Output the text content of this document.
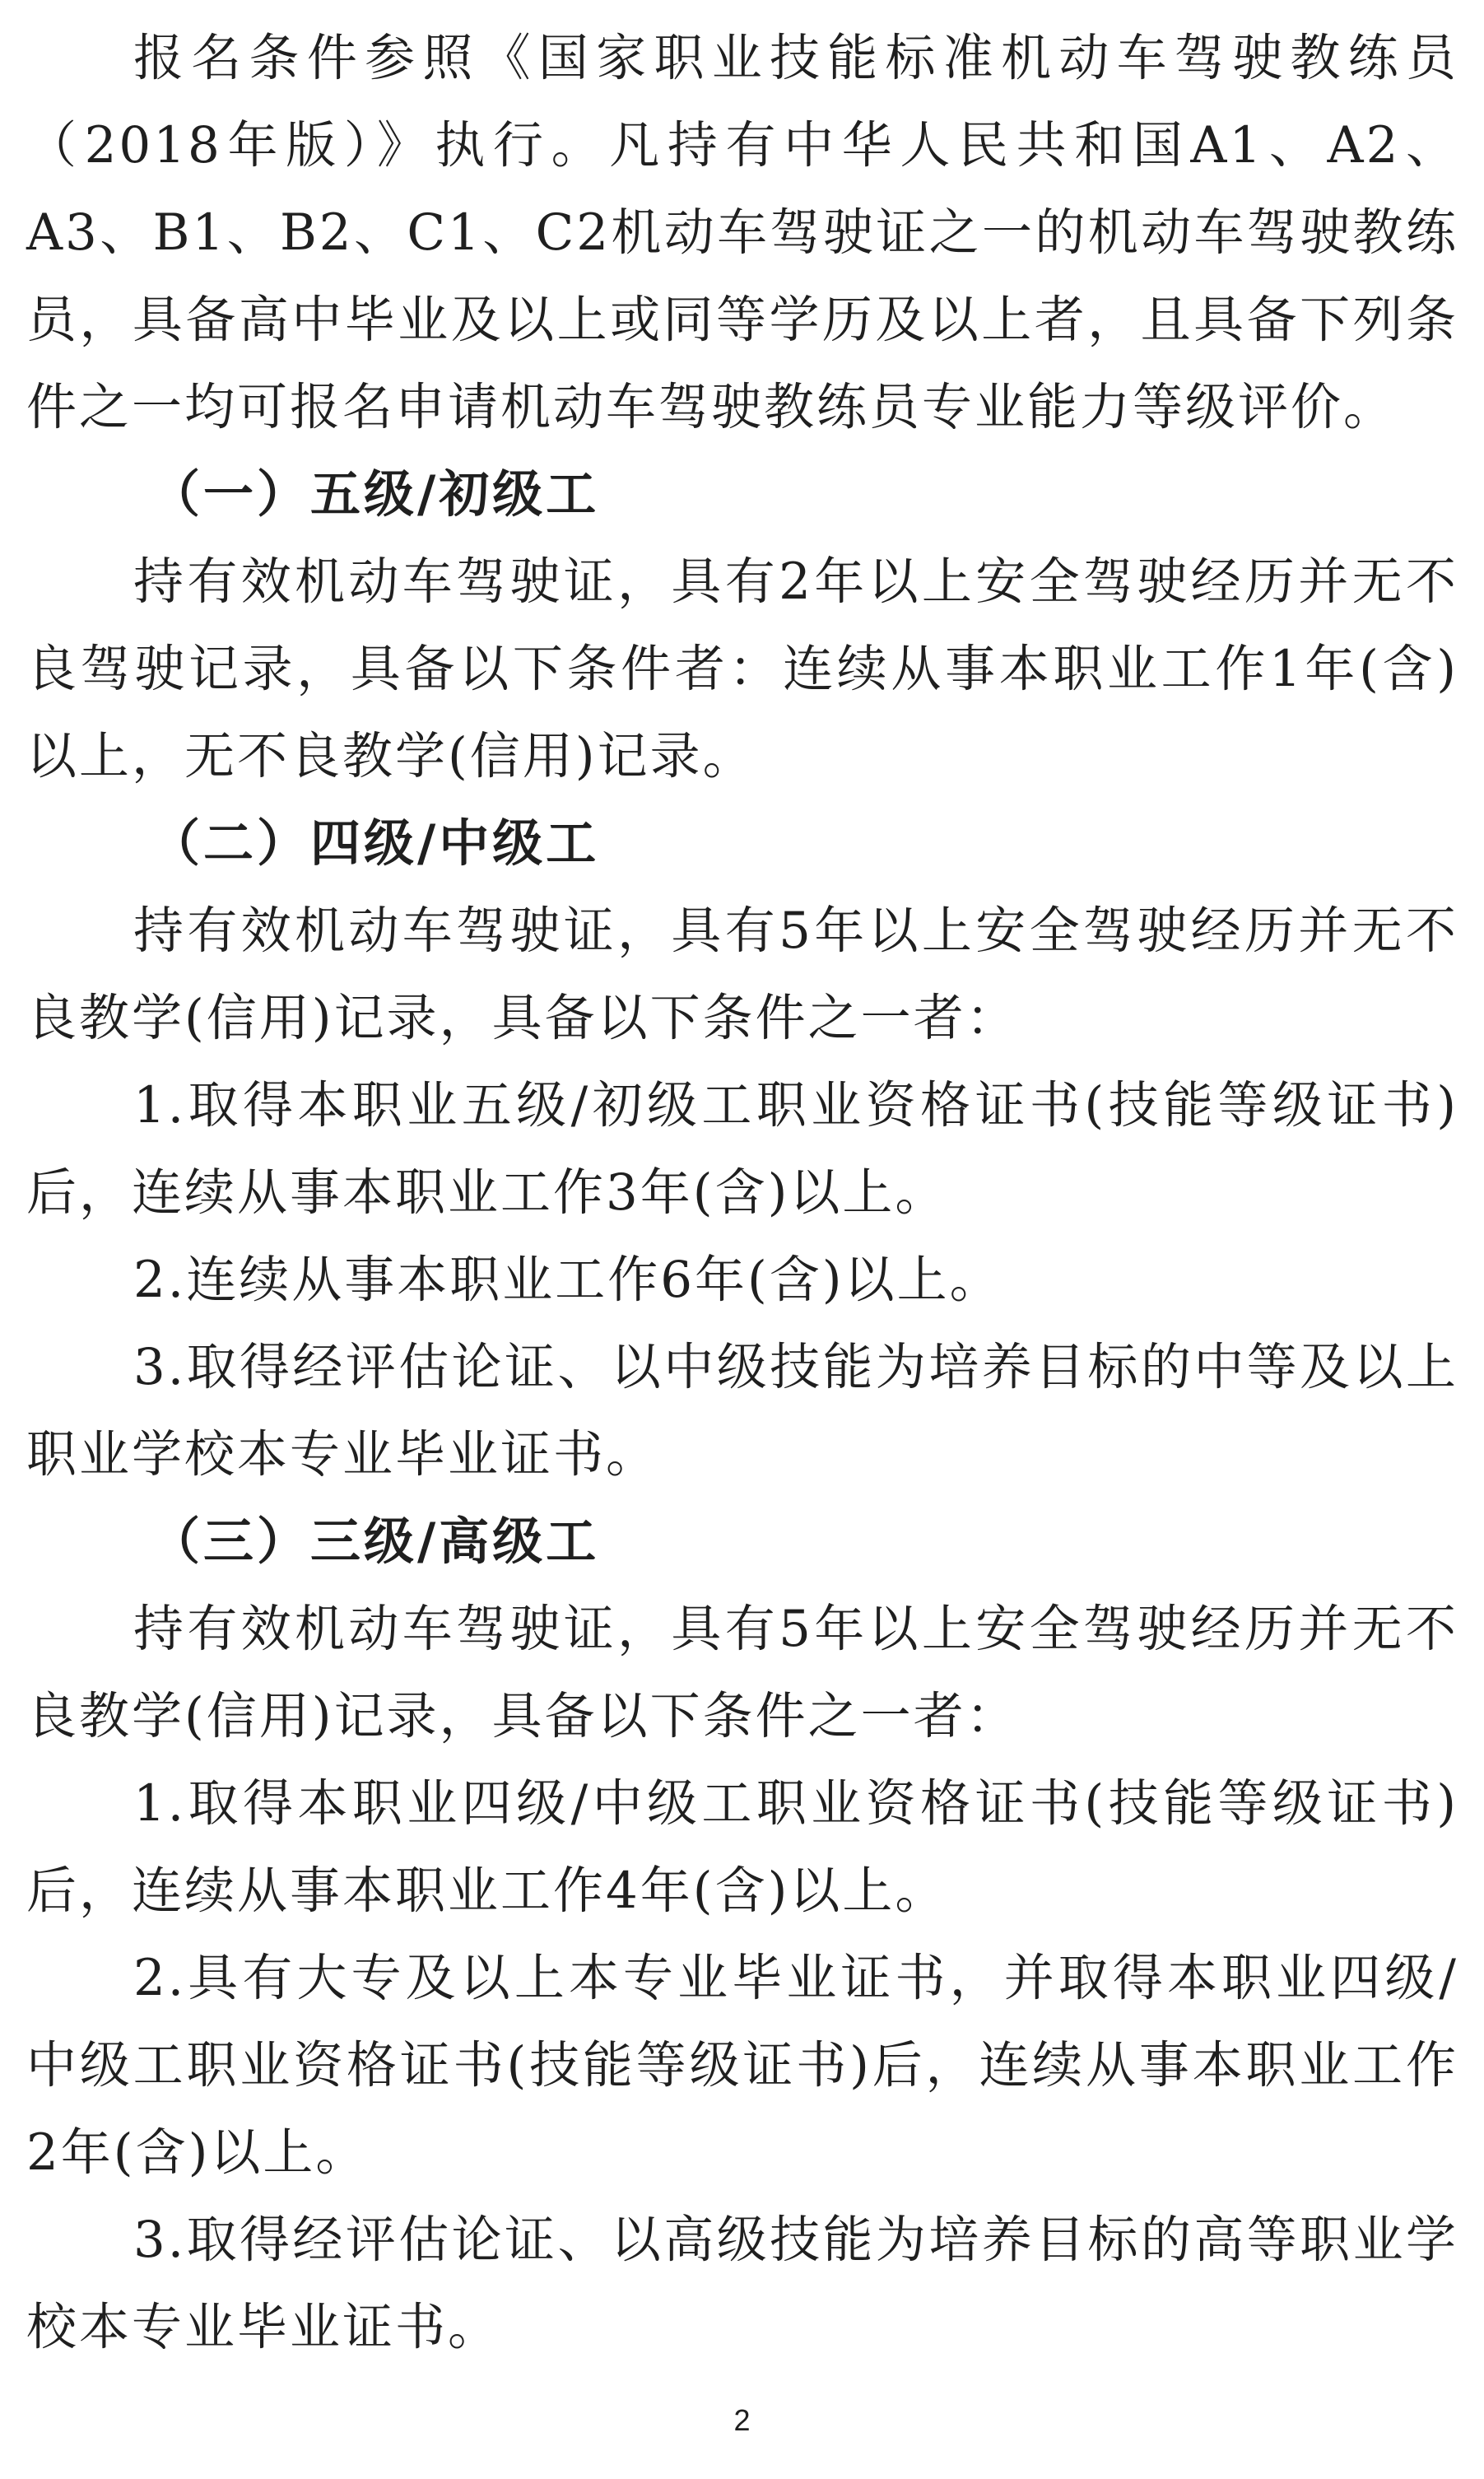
报名条件参照《国家职业技能标准机动车驾驶教练员（2018年版）》执行。凡持有中华人民共和国A1、A2、A3、B1、B2、C1、C2机动车驾驶证之一的机动车驾驶教练员，具备高中毕业及以上或同等学历及以上者，且具备下列条件之一均可报名申请机动车驾驶教练员专业能力等级评价。

（一）五级/初级工

持有效机动车驾驶证，具有2年以上安全驾驶经历并无不良驾驶记录，具备以下条件者：连续从事本职业工作1年(含)以上，无不良教学(信用)记录。

（二）四级/中级工

持有效机动车驾驶证，具有5年以上安全驾驶经历并无不良教学(信用)记录，具备以下条件之一者：

1.取得本职业五级/初级工职业资格证书(技能等级证书)后，连续从事本职业工作3年(含)以上。

2.连续从事本职业工作6年(含)以上。

3.取得经评估论证、以中级技能为培养目标的中等及以上职业学校本专业毕业证书。

（三）三级/高级工

持有效机动车驾驶证，具有5年以上安全驾驶经历并无不良教学(信用)记录，具备以下条件之一者：

1.取得本职业四级/中级工职业资格证书(技能等级证书)后，连续从事本职业工作4年(含)以上。

2.具有大专及以上本专业毕业证书，并取得本职业四级/中级工职业资格证书(技能等级证书)后，连续从事本职业工作2年(含)以上。

3.取得经评估论证、以高级技能为培养目标的高等职业学校本专业毕业证书。

2
